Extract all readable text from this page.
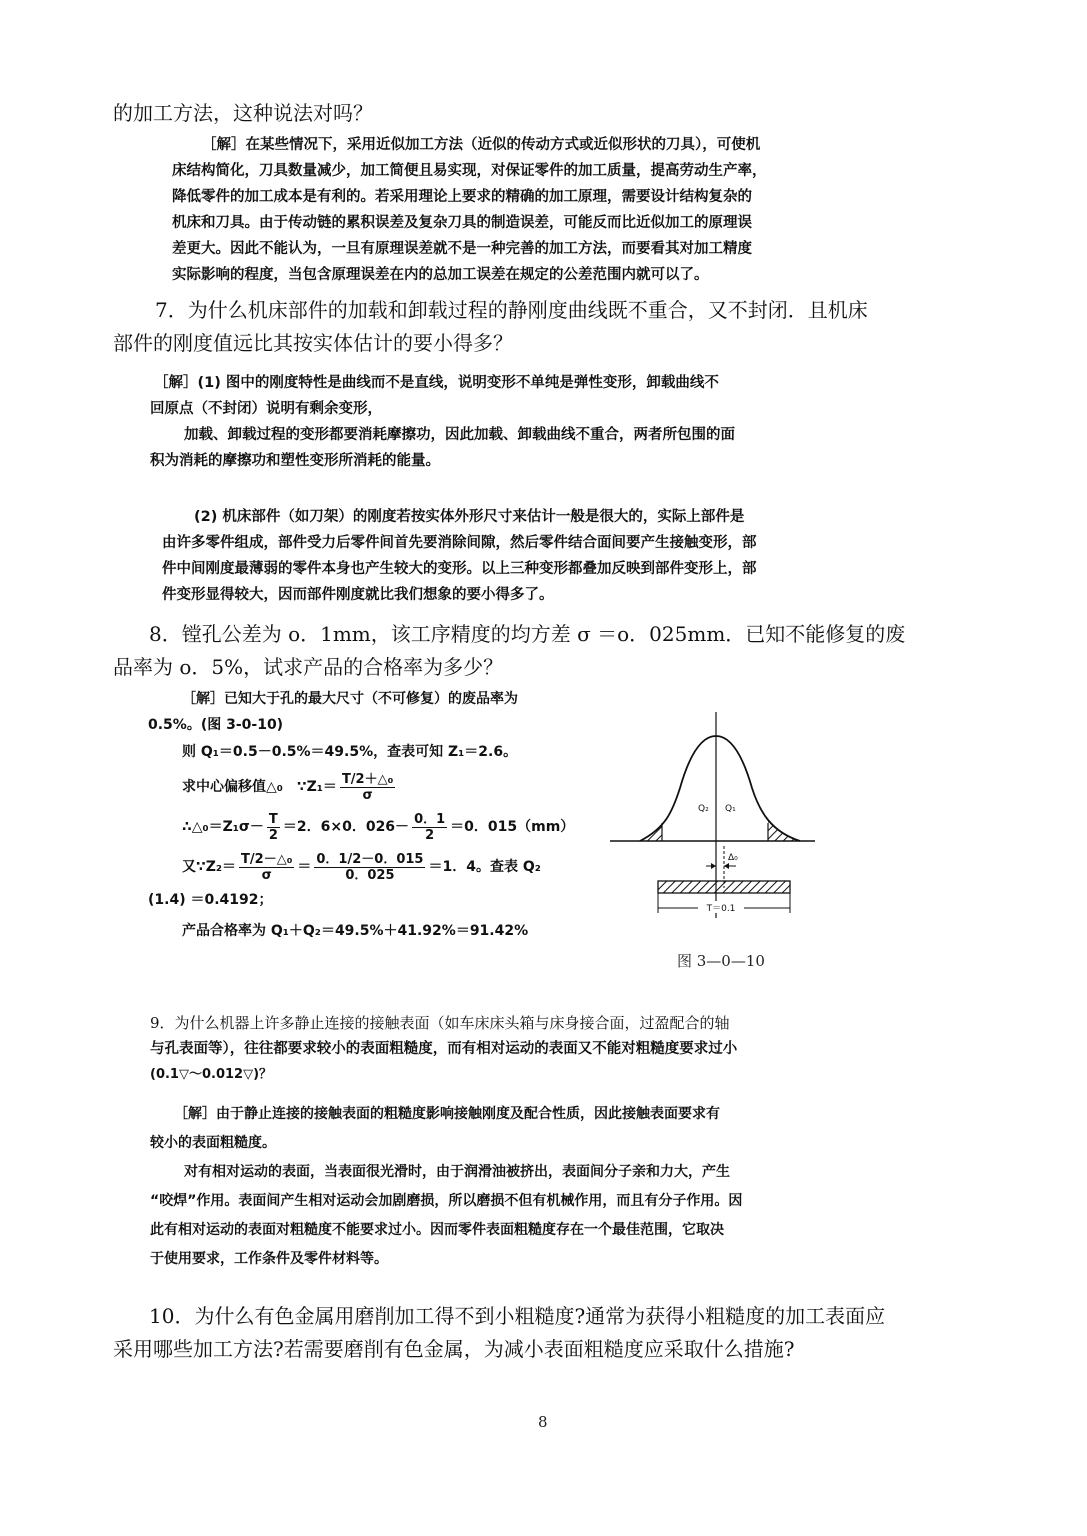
的加工方法，这种说法对吗？
［解］在某些情况下，采用近似加工方法（近似的传动方式或近似形状的刀具），可使机
床结构简化，刀具数量减少，加工简便且易实现，对保证零件的加工质量，提高劳动生产率，
降低零件的加工成本是有利的。若采用理论上要求的精确的加工原理，需要设计结构复杂的
机床和刀具。由于传动链的累积误差及复杂刀具的制造误差，可能反而比近似加工的原理误
差更大。因此不能认为，一旦有原理误差就不是一种完善的加工方法，而要看其对加工精度
实际影响的程度，当包含原理误差在内的总加工误差在规定的公差范围内就可以了。
7．为什么机床部件的加载和卸载过程的静刚度曲线既不重合，又不封闭．且机床
部件的刚度值远比其按实体估计的要小得多？
［解］(1) 图中的刚度特性是曲线而不是直线，说明变形不单纯是弹性变形，卸载曲线不
回原点（不封闭）说明有剩余变形，
加载、卸载过程的变形都要消耗摩擦功，因此加载、卸载曲线不重合，两者所包围的面
积为消耗的摩擦功和塑性变形所消耗的能量。
(2) 机床部件（如刀架）的刚度若按实体外形尺寸来估计一般是很大的，实际上部件是
由许多零件组成，部件受力后零件间首先要消除间隙，然后零件结合面间要产生接触变形，部
件中间刚度最薄弱的零件本身也产生较大的变形。以上三种变形都叠加反映到部件变形上，部
件变形显得较大，因而部件刚度就比我们想象的要小得多了。
8．镗孔公差为 o．1mm，该工序精度的均方差 σ ＝o．025mm．已知不能修复的废
品率为 o．5%，试求产品的合格率为多少？
［解］已知大于孔的最大尺寸（不可修复）的废品率为
0.5%。(图 3-0-10)
则 Q₁＝0.5－0.5%＝49.5%，查表可知 Z₁＝2.6。
求中心偏移值△₀　∵Z₁＝ $\frac{\text{T/2＋△₀}}{\sigma}$
∴△₀＝Z₁σ－ $\frac{T}{2} =2$．6×0．$026- \frac{0.1}{2} =0$．015（mm）
又∵Z₂＝ $\frac{\text{T/2－△₀}}{\sigma} = \frac{0.1/2-0.015}{0.025} =1$．4。查表 Q₂
(1.4) ＝0.4192；
产品合格率为 Q₁＋Q₂＝49.5%＋41.92%＝91.42%
Q₂ Q₁
Δ₀
T＝0.1
图 3—0—10
9．为什么机器上许多静止连接的接触表面（如车床床头箱与床身接合面，过盈配合的轴
与孔表面等），往往都要求较小的表面粗糙度，而有相对运动的表面又不能对粗糙度要求过小
(0.1▽～0.012▽)？
［解］由于静止连接的接触表面的粗糙度影响接触刚度及配合性质，因此接触表面要求有
较小的表面粗糙度。
对有相对运动的表面，当表面很光滑时，由于润滑油被挤出，表面间分子亲和力大，产生
“咬焊”作用。表面间产生相对运动会加剧磨损，所以磨损不但有机械作用，而且有分子作用。因
此有相对运动的表面对粗糙度不能要求过小。因而零件表面粗糙度存在一个最佳范围，它取决
于使用要求，工作条件及零件材料等。
10．为什么有色金属用磨削加工得不到小粗糙度?通常为获得小粗糙度的加工表面应
采用哪些加工方法?若需要磨削有色金属，为减小表面粗糙度应采取什么措施?
8
